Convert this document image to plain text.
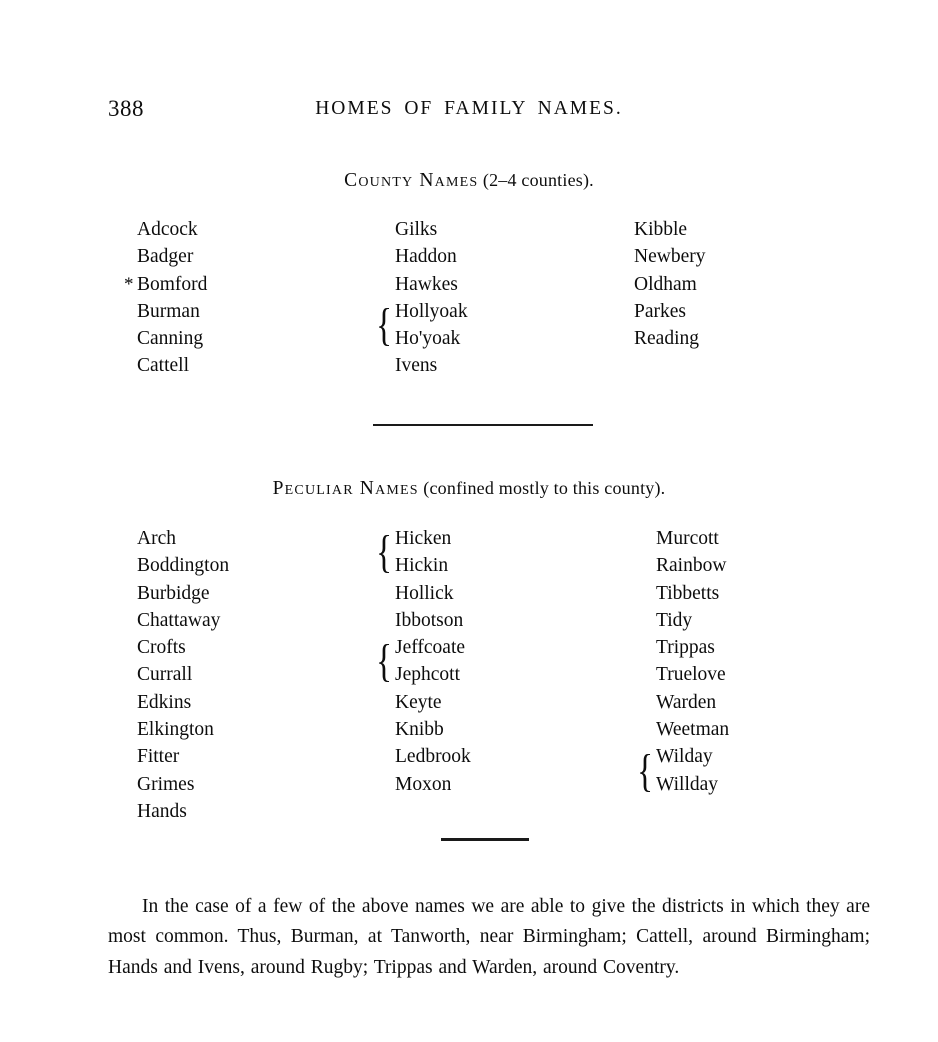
388	HOMES OF FAMILY NAMES.
County Names (2–4 counties).
Adcock
Badger
* Bomford
Burman
Canning
Cattell
Gilks
Haddon
Hawkes
{ Hollyoak
Ho'yoak
Ivens
Kibble
Newbery
Oldham
Parkes
Reading
Peculiar Names (confined mostly to this county).
Arch
Boddington
Burbidge
Chattaway
Crofts
Currall
Edkins
Elkington
Fitter
Grimes
Hands
{ Hicken
Hickin
Hollick
Ibbotson
{ Jeffcoate
Jephcott
Keyte
Knibb
Ledbrook
Moxon
Murcott
Rainbow
Tibbetts
Tidy
Trippas
Truelove
Warden
Weetman
{ Wilday
Willday

In the case of a few of the above names we are able to give the districts in which they are most common. Thus, Burman, at Tanworth, near Birmingham; Cattell, around Birmingham; Hands and Ivens, around Rugby; Trippas and Warden, around Coventry.
